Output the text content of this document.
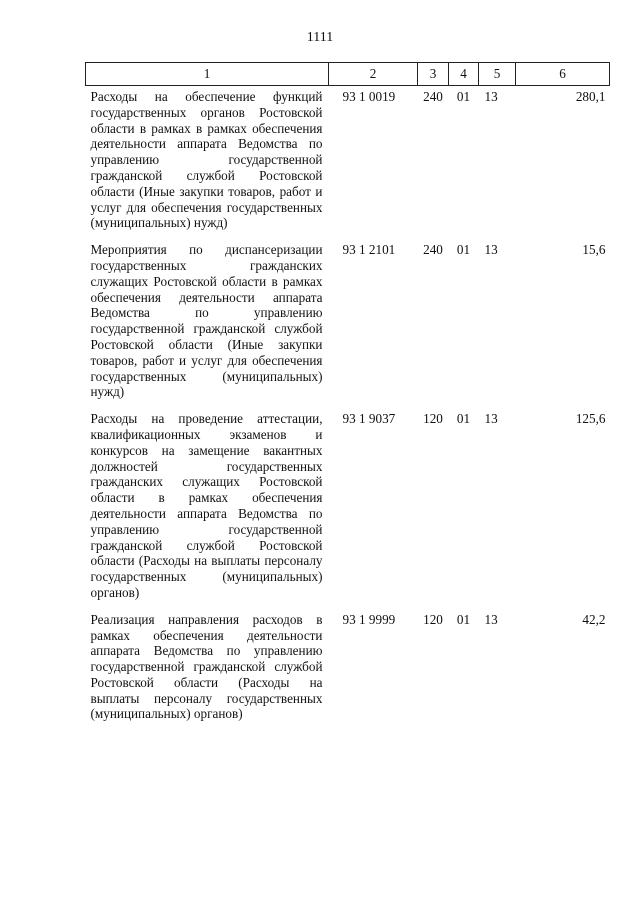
1111
1	2	3	4	5	6
Расходы на обеспечение функций государственных органов Ростовской области в рамках в рамках обеспечения деятельности аппарата Ведомства по управлению государственной гражданской службой Ростовской области (Иные закупки товаров, работ и услуг для обеспечения государственных (муниципальных) нужд)	93 1 0019	240	01	13	280,1
Мероприятия по диспансеризации государственных гражданских служащих Ростовской области в рамках обеспечения деятельности аппарата Ведомства по управлению государственной гражданской службой Ростовской области (Иные закупки товаров, работ и услуг для обеспечения государственных (муниципальных) нужд)	93 1 2101	240	01	13	15,6
Расходы на проведение аттестации, квалификационных экзаменов и конкурсов на замещение вакантных должностей государственных гражданских служащих Ростовской области в рамках обеспечения деятельности аппарата Ведомства по управлению государственной гражданской службой Ростовской области (Расходы на выплаты персоналу государственных (муниципальных) органов)	93 1 9037	120	01	13	125,6
Реализация направления расходов в рамках обеспечения деятельности аппарата Ведомства по управлению государственной гражданской службой Ростовской области (Расходы на выплаты персоналу государственных (муниципальных) органов)	93 1 9999	120	01	13	42,2
